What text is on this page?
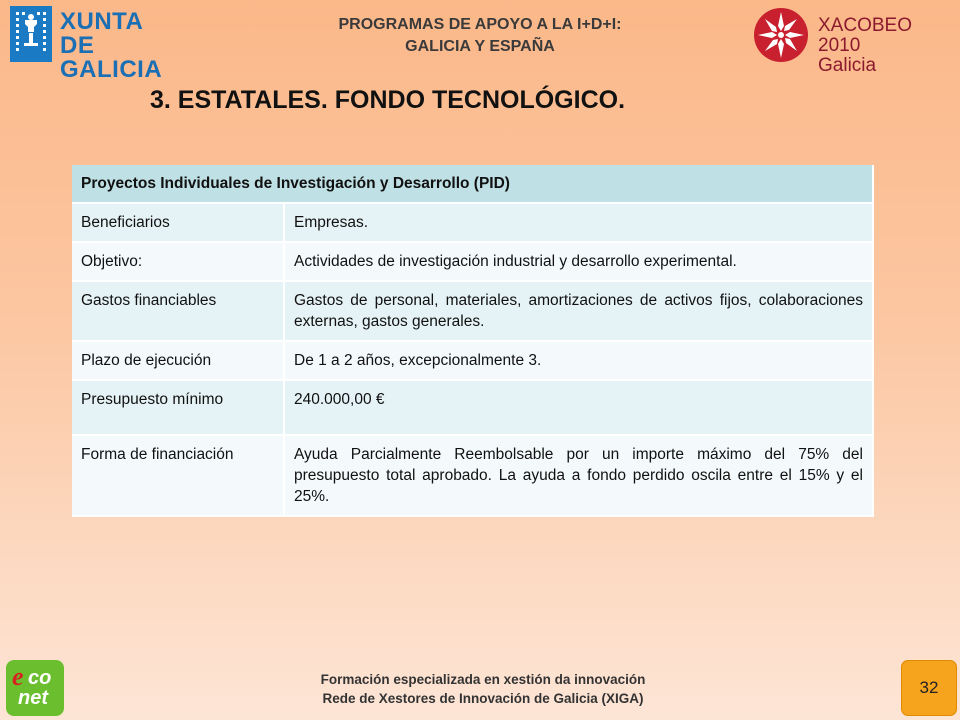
XUNTA
DE GALICIA
PROGRAMAS DE APOYO A LA I+D+I:
GALICIA Y ESPAÑA
XACOBEO 2010
Galicia
3. ESTATALES. FONDO TECNOLÓGICO.
Proyectos Individuales de Investigación y Desarrollo (PID)	
Beneficiarios	Empresas.
Objetivo:	Actividades de investigación industrial y desarrollo experimental.
Gastos financiables	Gastos de personal, materiales, amortizaciones de activos fijos, colaboraciones externas, gastos generales.
Plazo de ejecución	De 1 a 2 años, excepcionalmente 3.
Presupuesto mínimo	240.000,00 €
Forma de financiación	Ayuda Parcialmente Reembolsable por un importe máximo del 75% del presupuesto total aprobado. La ayuda a fondo perdido oscila entre el 15% y el 25%.
e co
net
Formación especializada en xestión da innovación
Rede de Xestores de Innovación de Galicia (XIGA)
32
